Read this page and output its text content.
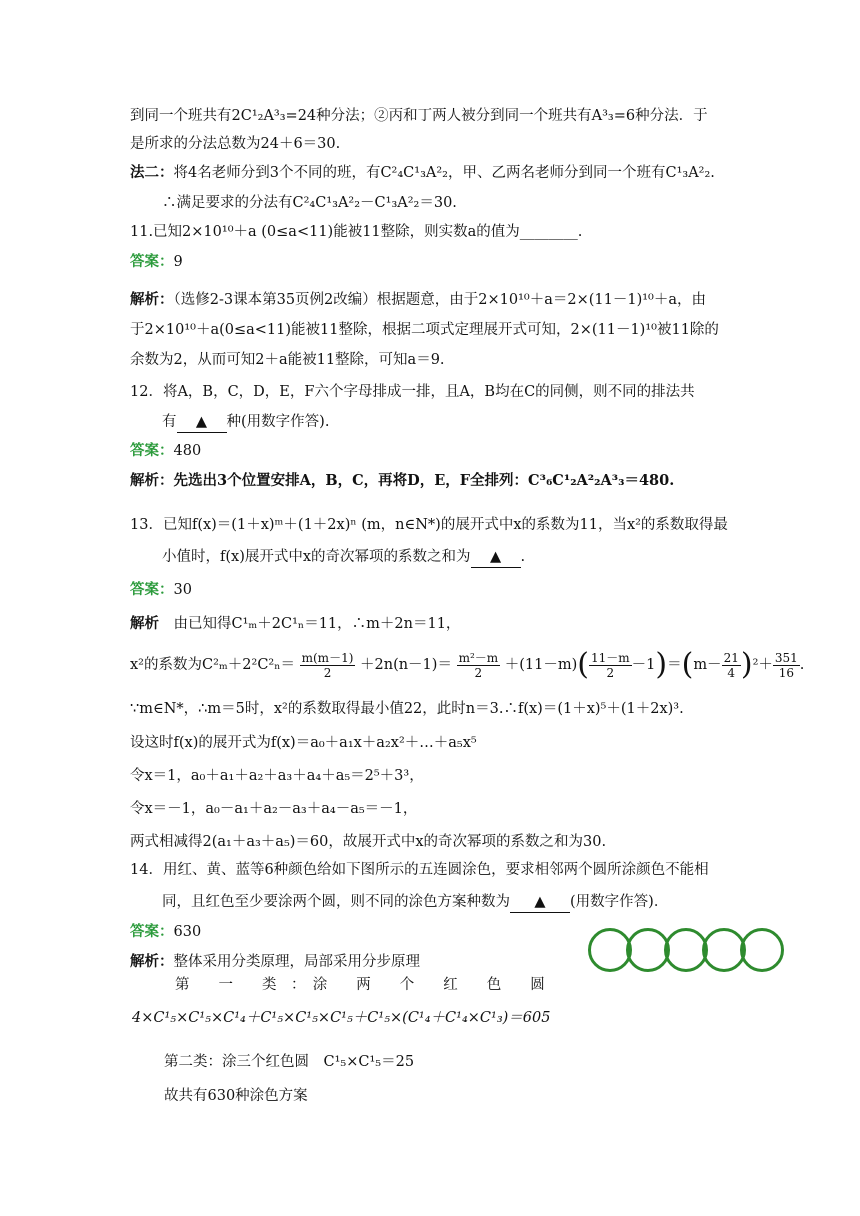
到同一个班共有2C¹₂A³₃=24种分法；②丙和丁两人被分到同一个班共有A³₃=6种分法．于
是所求的分法总数为24＋6＝30.
法二：将4名老师分到3个不同的班，有C²₄C¹₃A²₂，甲、乙两名老师分到同一个班有C¹₃A²₂.
∴满足要求的分法有C²₄C¹₃A²₂－C¹₃A²₂＝30.
11.已知2×10¹⁰＋a (0≤a<11)能被11整除，则实数a的值为________.
答案：9
解析：（选修2-3课本第35页例2改编）根据题意，由于2×10¹⁰＋a＝2×(11－1)¹⁰＋a，由
于2×10¹⁰＋a(0≤a<11)能被11整除，根据二项式定理展开式可知，2×(11－1)¹⁰被11除的
余数为2，从而可知2＋a能被11整除，可知a＝9.
12．将A，B，C，D，E，F六个字母排成一排，且A，B均在C的同侧，则不同的排法共
有 ▲ 种(用数字作答).
答案：480
解析：先选出3个位置安排A，B，C，再将D，E，F全排列：C³₆C¹₂A²₂A³₃＝480.
13．已知f(x)＝(1＋x)ᵐ＋(1＋2x)ⁿ (m，n∈N*)的展开式中x的系数为11，当x²的系数取得最
小值时，f(x)展开式中x的奇次幂项的系数之和为 ▲ .
答案：30
解析　 由已知得C¹ₘ＋2C¹ₙ＝11，∴m＋2n＝11，
x²的系数为$C^2_m+2^2C^2_n= \frac{m(m-1)}{2} +2n(n-1)= \frac{\text{m²－m}}{2} +(11-m)( \frac{11-m}{2} -1)=(m- \frac{21}{4} )^2+ \frac{351}{16}$ .
∵m∈N*，∴m＝5时，x²的系数取得最小值22，此时n＝3.∴f(x)＝(1＋x)⁵＋(1＋2x)³.
设这时f(x)的展开式为f(x)＝a₀＋a₁x＋a₂x²＋…＋a₅x⁵
令x＝1，a₀＋a₁＋a₂＋a₃＋a₄＋a₅＝2⁵＋3³，
令x＝－1，a₀－a₁＋a₂－a₃＋a₄－a₅＝－1，
两式相减得2(a₁＋a₃＋a₅)＝60，故展开式中x的奇次幂项的系数之和为30.
14．用红、黄、蓝等6种颜色给如下图所示的五连圆涂色，要求相邻两个圆所涂颜色不能相
同，且红色至少要涂两个圆，则不同的涂色方案种数为 ▲ (用数字作答)．
答案：630
解析：整体采用分类原理，局部采用分步原理
第　　一　　类　：　涂　　两　　个　　红　　色　　圆
4×C¹₅×C¹₅×C¹₄＋C¹₅×C¹₅×C¹₅＋C¹₅×(C¹₄＋C¹₄×C¹₃)＝605
第二类：涂三个红色圆　C¹₅×C¹₅＝25
故共有630种涂色方案
